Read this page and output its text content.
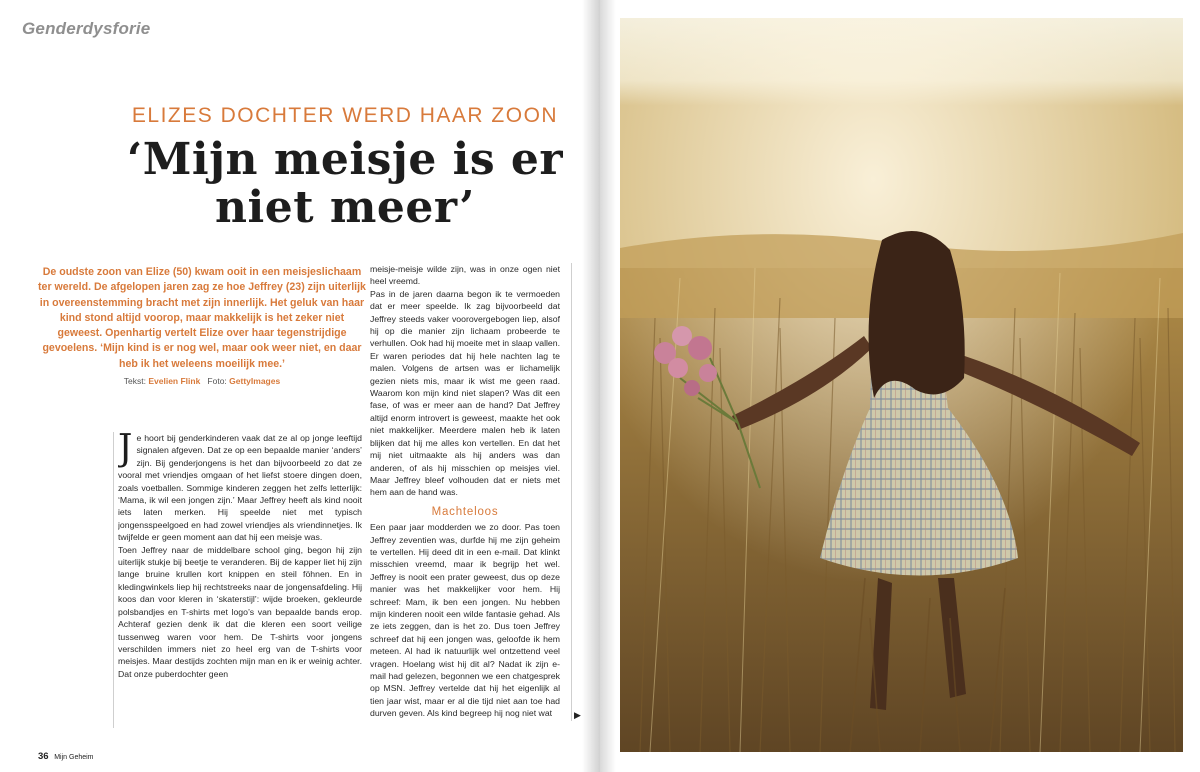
Genderdysforie
ELIZES DOCHTER WERD HAAR ZOON
‘Mijn meisje is er
niet meer’
De oudste zoon van Elize (50) kwam ooit in een meisjeslichaam ter wereld. De afgelopen jaren zag ze hoe Jeffrey (23) zijn uiterlijk in overeenstemming bracht met zijn innerlijk. Het geluk van haar kind stond altijd voorop, maar makkelijk is het zeker niet geweest. Openhartig vertelt Elize over haar tegenstrijdige gevoelens. ‘Mijn kind is er nog wel, maar ook weer niet, en daar heb ik het weleens moeilijk mee.’
Tekst: Evelien Flink Foto: GettyImages
J e hoort bij genderkinderen vaak dat ze al op jonge leeftijd signalen afgeven. Dat ze op een bepaalde manier ‘anders’ zijn. Bij genderjongens is het dan bijvoorbeeld zo dat ze vooral met vriendjes omgaan of het liefst stoere dingen doen, zoals voetballen. Sommige kinderen zeggen het zelfs letterlijk: ‘Mama, ik wil een jongen zijn.’ Maar Jeffrey heeft als kind nooit iets laten merken. Hij speelde niet met typisch jongensspeelgoed en had zowel vriendjes als vriendinnetjes. Ik twijfelde er geen moment aan dat hij een meisje was.

Toen Jeffrey naar de middelbare school ging, begon hij zijn uiterlijk stukje bij beetje te veranderen. Bij de kapper liet hij zijn lange bruine krullen kort knippen en steil föhnen. En in kledingwinkels liep hij rechtstreeks naar de jongensafdeling. Hij koos dan voor kleren in ‘skaterstijl’: wijde broeken, gekleurde polsbandjes en T-shirts met logo’s van bepaalde bands erop. Achteraf gezien denk ik dat die kleren een soort veilige tussenweg waren voor hem. De T-shirts voor jongens verschilden immers niet zo heel erg van de T-shirts voor meisjes. Maar destijds zochten mijn man en ik er weinig achter. Dat onze puberdochter geen

meisje-meisje wilde zijn, was in onze ogen niet heel vreemd.

Pas in de jaren daarna begon ik te vermoeden dat er meer speelde. Ik zag bijvoorbeeld dat Jeffrey steeds vaker voorovergebogen liep, alsof hij op die manier zijn lichaam probeerde te verhullen. Ook had hij moeite met in slaap vallen. Er waren periodes dat hij hele nachten lag te malen. Volgens de artsen was er lichamelijk gezien niets mis, maar ik wist me geen raad. Waarom kon mijn kind niet slapen? Was dit een fase, of was er meer aan de hand? Dat Jeffrey altijd enorm introvert is geweest, maakte het ook niet makkelijker. Meerdere malen heb ik laten blijken dat hij me alles kon vertellen. En dat het mij niet uitmaakte als hij anders was dan anderen, of als hij misschien op meisjes viel. Maar Jeffrey bleef volhouden dat er niets met hem aan de hand was.

Machteloos

Een paar jaar modderden we zo door. Pas toen Jeffrey zeventien was, durfde hij me zijn geheim te vertellen. Hij deed dit in een e-mail. Dat klinkt misschien vreemd, maar ik begrijp het wel. Jeffrey is nooit een prater geweest, dus op deze manier was het makkelijker voor hem. Hij schreef: Mam, ik ben een jongen. Nu hebben mijn kinderen nooit een wilde fantasie gehad. Als ze iets zeggen, dan is het zo. Dus toen Jeffrey schreef dat hij een jongen was, geloofde ik hem meteen. Al had ik natuurlijk wel ontzettend veel vragen. Hoelang wist hij dit al? Nadat ik zijn e-mail had gelezen, begonnen we een chatgesprek op MSN. Jeffrey vertelde dat hij het eigenlijk al tien jaar wist, maar er al die tijd niet aan toe had durven geven. Als kind begreep hij nog niet wat	▶
36 Mijn Geheim
